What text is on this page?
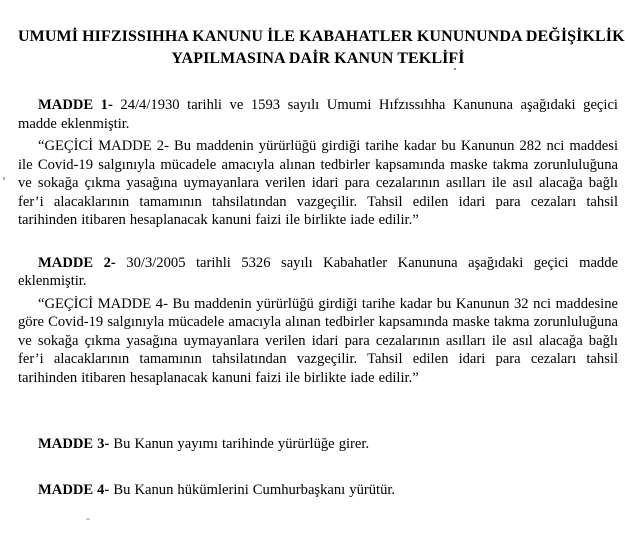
UMUMİ HIFZISSIHHA KANUNU İLE KABAHATLER KUNUNUNDA DEĞİŞİKLİK
YAPILMASINA DAİR KANUN TEKLİFİ

MADDE 1- 24/4/1930 tarihli ve 1593 sayılı Umumi Hıfzıssıhha Kanununa aşağıdaki geçici madde eklenmiştir.

“GEÇİCİ MADDE 2- Bu maddenin yürürlüğü girdiği tarihe kadar bu Kanunun 282 nci maddesi ile Covid-19 salgınıyla mücadele amacıyla alınan tedbirler kapsamında maske takma zorunluluğuna ve sokağa çıkma yasağına uymayanlara verilen idari para cezalarının asılları ile asıl alacağa bağlı fer’i alacaklarının tamamının tahsilatından vazgeçilir. Tahsil edilen idari para cezaları tahsil tarihinden itibaren hesaplanacak kanuni faizi ile birlikte iade edilir.”

MADDE 2- 30/3/2005 tarihli 5326 sayılı Kabahatler Kanununa aşağıdaki geçici madde eklenmiştir.

“GEÇİCİ MADDE 4- Bu maddenin yürürlüğü girdiği tarihe kadar bu Kanunun 32 nci maddesine göre Covid-19 salgınıyla mücadele amacıyla alınan tedbirler kapsamında maske takma zorunluluğuna ve sokağa çıkma yasağına uymayanlara verilen idari para cezalarının asılları ile asıl alacağa bağlı fer’i alacaklarının tamamının tahsilatından vazgeçilir. Tahsil edilen idari para cezaları tahsil tarihinden itibaren hesaplanacak kanuni faizi ile birlikte iade edilir.”

MADDE 3- Bu Kanun yayımı tarihinde yürürlüğe girer.

MADDE 4- Bu Kanun hükümlerini Cumhurbaşkanı yürütür.
